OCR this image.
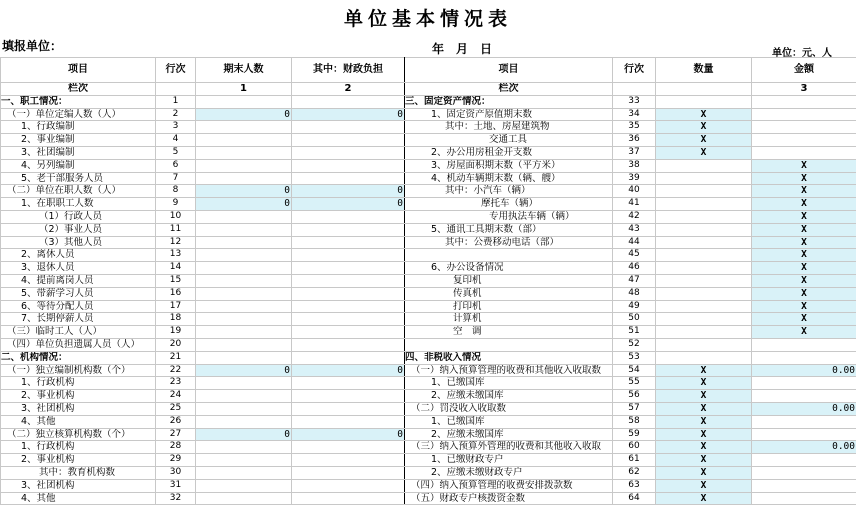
单位基本情况表
填报单位：	年　月　日	单位：元、人
项目	行次	期末人数	其中：财政负担	项目	行次	数量	金额
栏次		1	2	栏次			3
一、职工情况：	1			三、固定资产情况：	33		
（一）单位定编人数（人）	2	0	0	1、固定资产原值期末数	34	X	
1、行政编制	3			其中：土地、房屋建筑物	35	X	
2、事业编制	4			交通工具	36	X	
3、社团编制	5			2、办公用房租金开支数	37	X	
4、另列编制	6			3、房屋面积期末数（平方米）	38		X
5、老干部服务人员	7			4、机动车辆期末数（辆、艘）	39		X
（二）单位在职人数（人）	8	0	0	其中：小汽车（辆）	40		X
1、在职职工人数	9	0	0	摩托车（辆）	41		X
（1）行政人员	10			专用执法车辆（辆）	42		X
（2）事业人员	11			5、通讯工具期末数（部）	43		X
（3）其他人员	12			其中：公费移动电话（部）	44		X
2、离休人员	13				45		X
3、退休人员	14			6、办公设备情况	46		X
4、提前离岗人员	15			复印机	47		X
5、带薪学习人员	16			传真机	48		X
6、等待分配人员	17			打印机	49		X
7、长期停薪人员	18			计算机	50		X
（三）临时工人（人）	19			空　调	51		X
（四）单位负担遗属人员（人）	20				52		
二、机构情况：	21			四、非税收入情况	53		
（一）独立编制机构数（个）	22	0	0	（一）纳入预算管理的收费和其他收入收取数	54	X	0.00
1、行政机构	23			1、已缴国库	55	X	
2、事业机构	24			2、应缴未缴国库	56	X	
3、社团机构	25			（二）罚没收入收取数	57	X	0.00
4、其他	26			1、已缴国库	58	X	
（二）独立核算机构数（个）	27	0	0	2、应缴未缴国库	59	X	
1、行政机构	28			（三）纳入预算外管理的收费和其他收入收取	60	X	0.00
2、事业机构	29			1、已缴财政专户	61	X	
其中：教育机构数	30			2、应缴未缴财政专户	62	X	
3、社团机构	31			（四）纳入预算管理的收费安排拨款数	63	X	
4、其他	32			（五）财政专户核拨资金数	64	X	
